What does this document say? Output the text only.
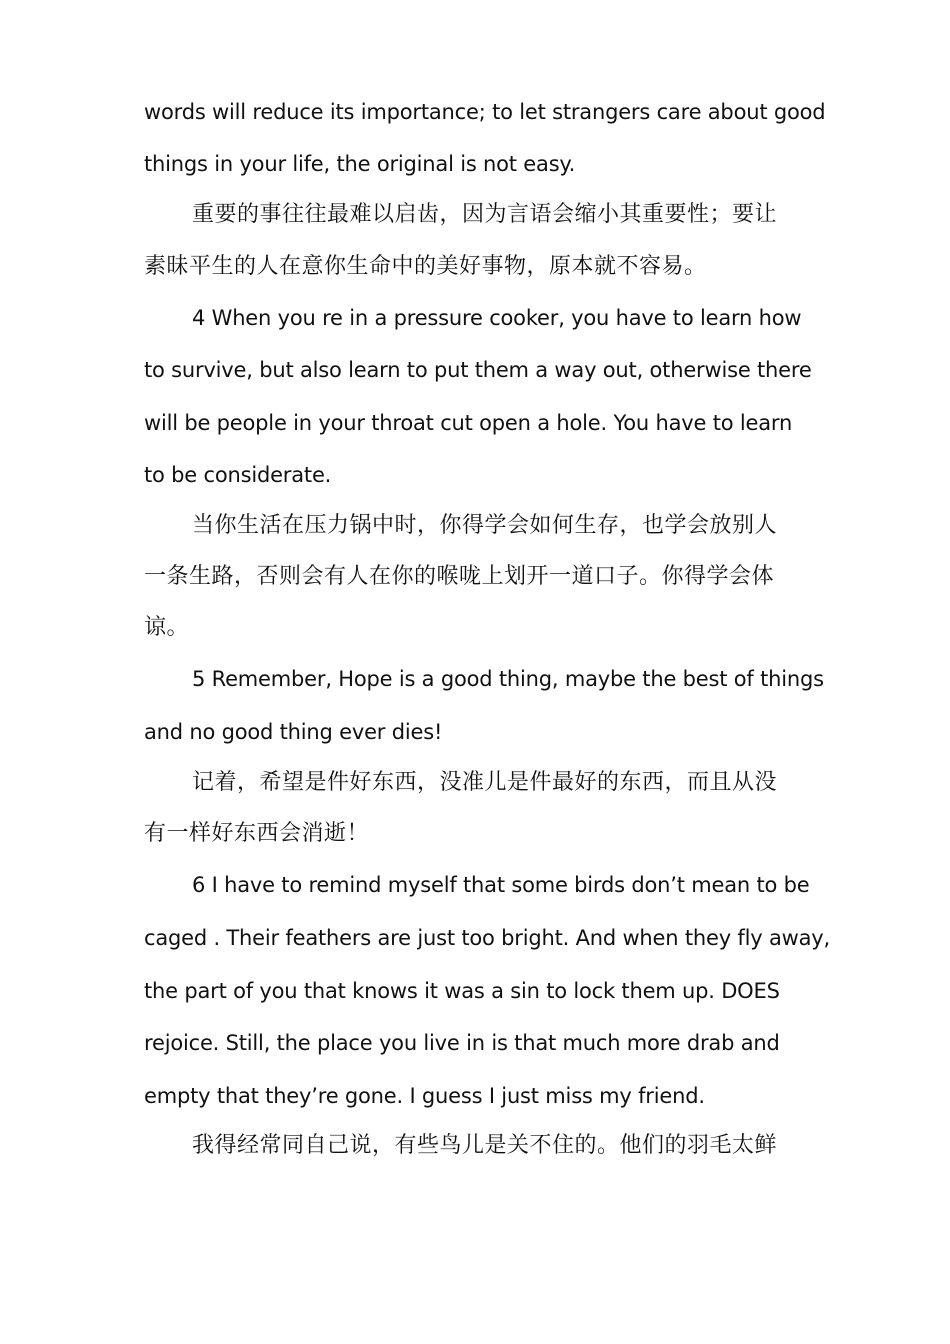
words will reduce its importance; to let strangers care about good
things in your life, the original is not easy.
重要的事往往最难以启齿，因为言语会缩小其重要性；要让
素昧平生的人在意你生命中的美好事物，原本就不容易。
4 When you re in a pressure cooker, you have to learn how
to survive, but also learn to put them a way out, otherwise there
will be people in your throat cut open a hole. You have to learn
to be considerate.
当你生活在压力锅中时，你得学会如何生存，也学会放别人
一条生路，否则会有人在你的喉咙上划开一道口子。你得学会体
谅。
5 Remember, Hope is a good thing, maybe the best of things
and no good thing ever dies!
记着，希望是件好东西，没准儿是件最好的东西，而且从没
有一样好东西会消逝！
6 I have to remind myself that some birds don’t mean to be
caged . Their feathers are just too bright. And when they fly away,
the part of you that knows it was a sin to lock them up. DOES
rejoice. Still, the place you live in is that much more drab and
empty that they’re gone. I guess I just miss my friend.
我得经常同自己说，有些鸟儿是关不住的。他们的羽毛太鲜
